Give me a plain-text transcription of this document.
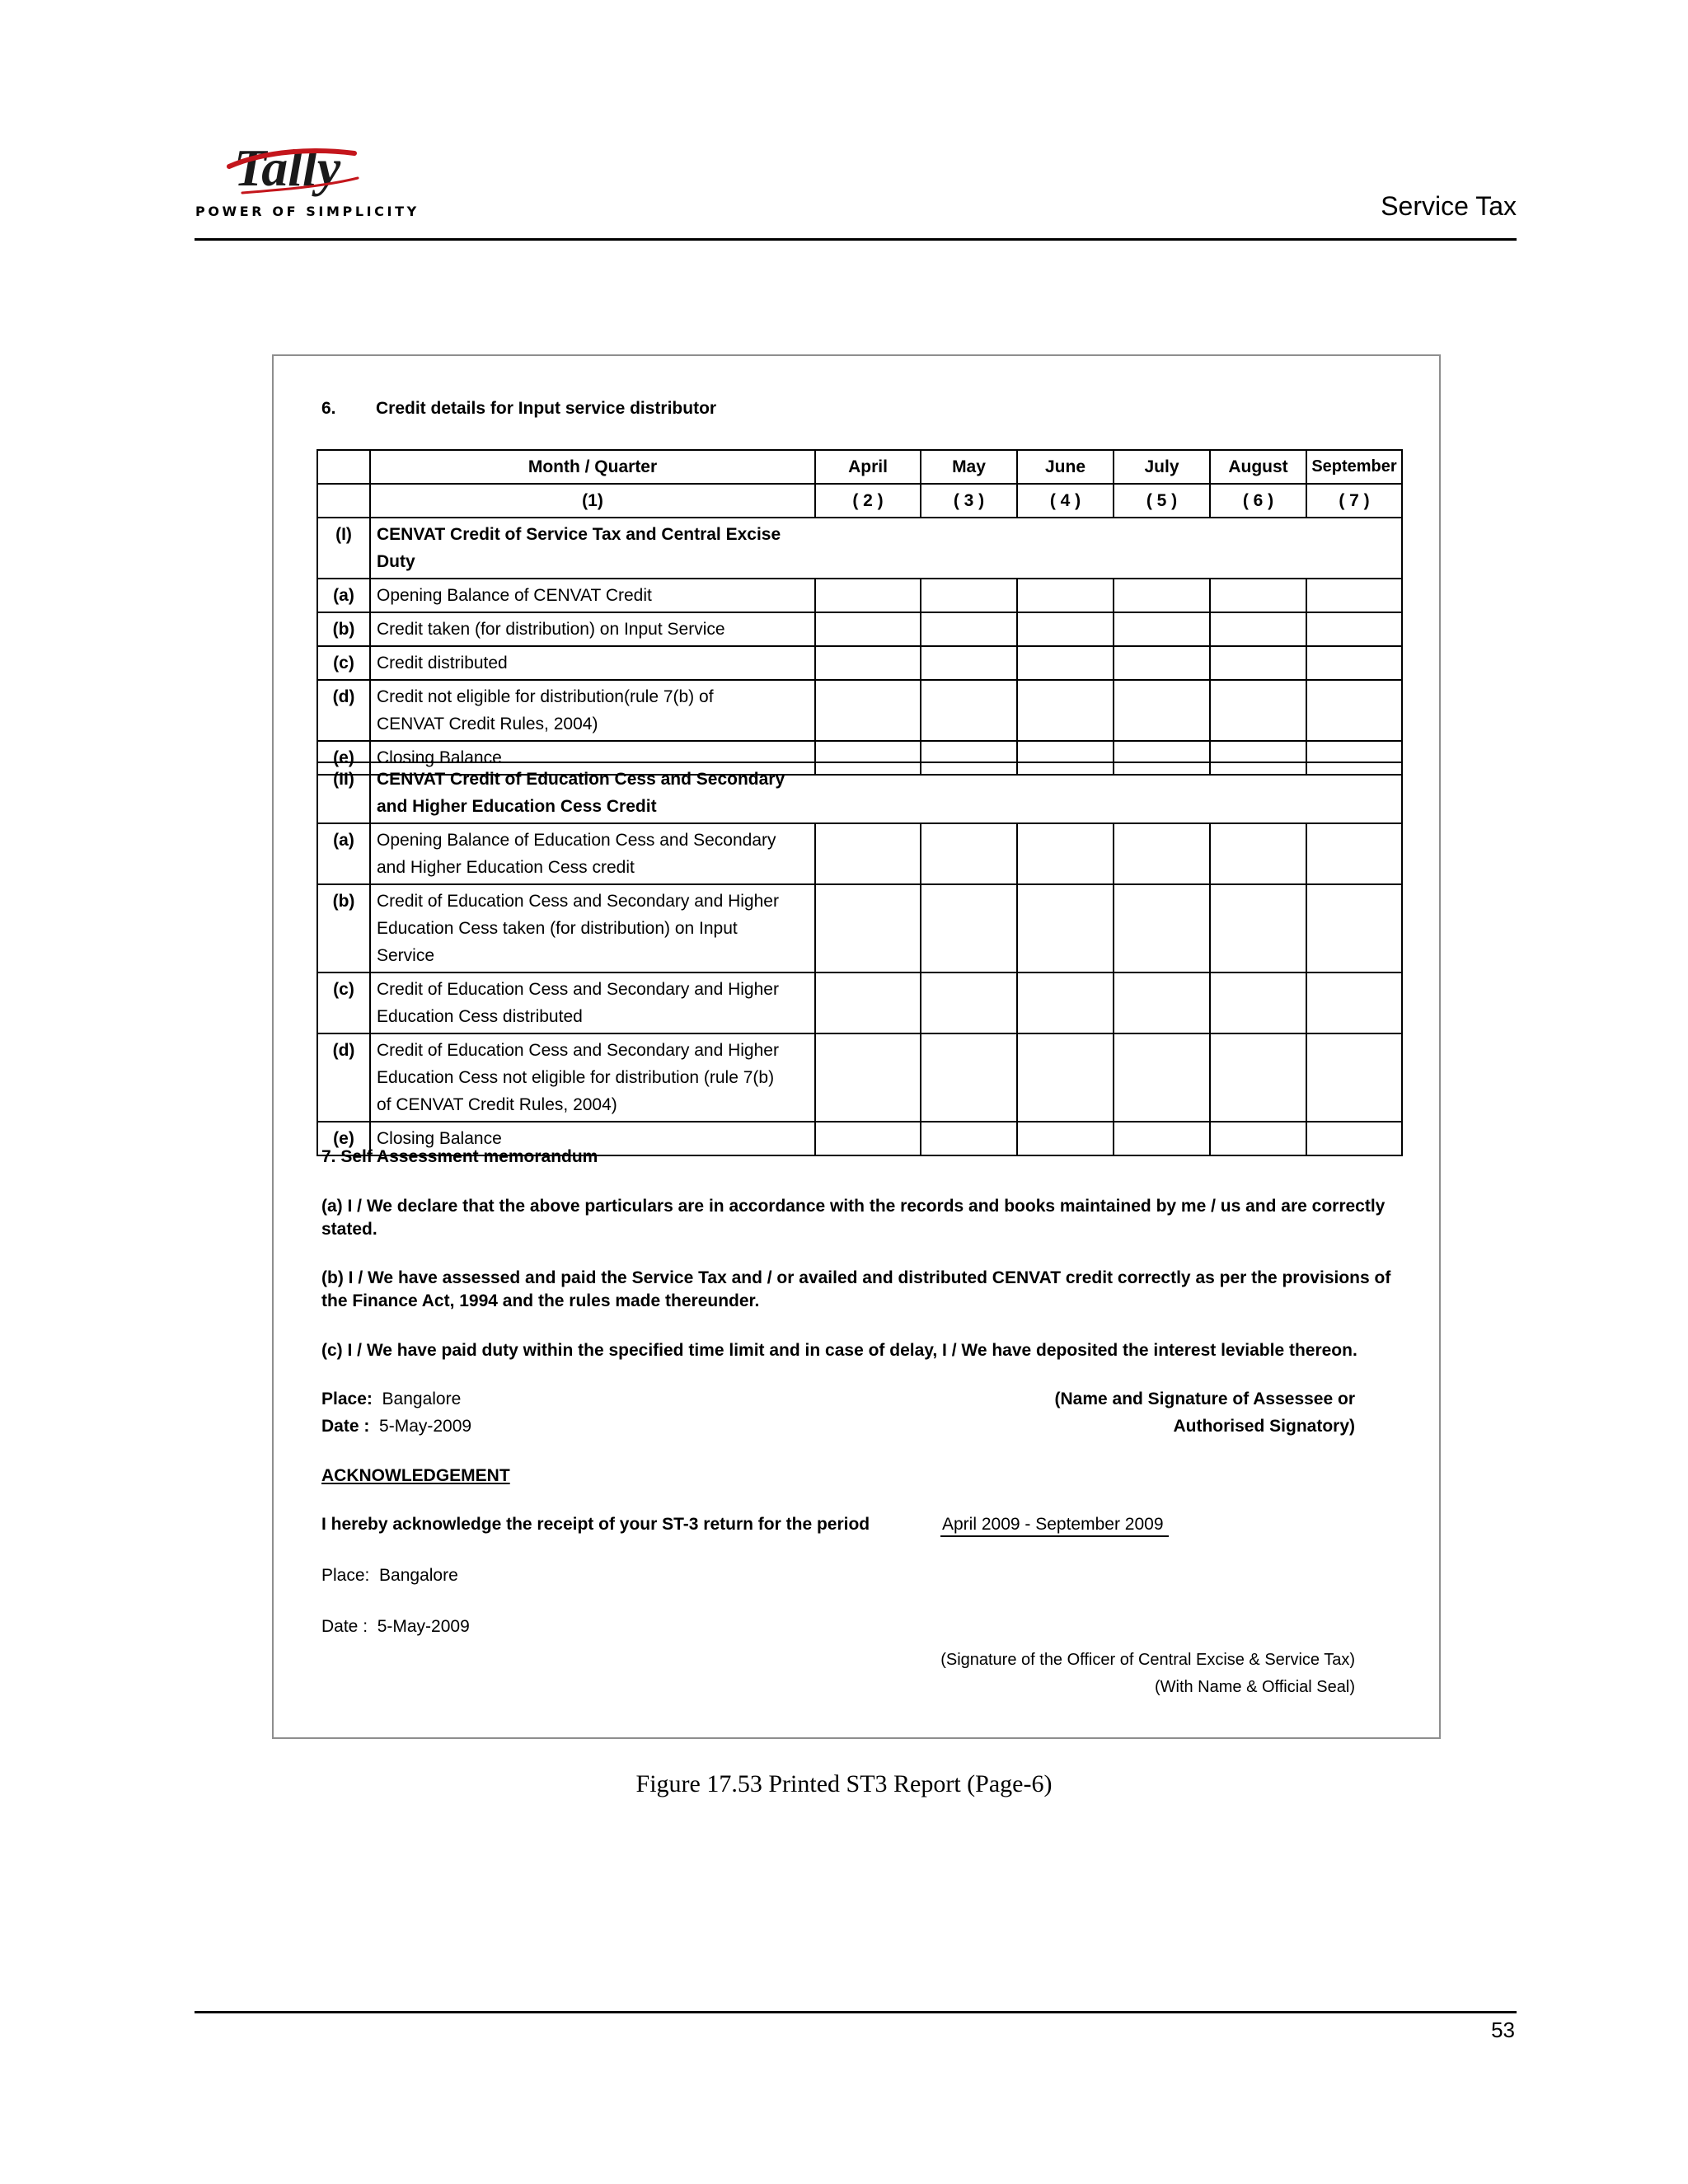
Tally
POWER OF SIMPLICITY	Service Tax
6. Credit details for Input service distributor
	Month / Quarter	April	May	June	July	August	September
	(1)	( 2 )	( 3 )	( 4 )	( 5 )	( 6 )	( 7 )
(I)	CENVAT Credit of Service Tax and Central Excise
Duty						

(a)	Opening Balance of CENVAT Credit						
(b)	Credit taken (for distribution) on Input Service						
(c)	Credit distributed						
(d)	Credit not eligible for distribution(rule 7(b) of
CENVAT Credit Rules, 2004)						

(e)	Closing Balance						
(II)	CENVAT Credit of Education Cess and Secondary
and Higher Education Cess Credit						

(a)	Opening Balance of Education Cess and Secondary
and Higher Education Cess credit						

(b)	Credit of Education Cess and Secondary and Higher
Education Cess taken (for distribution) on Input
Service						

(c)	Credit of Education Cess and Secondary and Higher
Education Cess distributed						

(d)	Credit of Education Cess and Secondary and Higher
Education Cess not eligible for distribution (rule 7(b)
of CENVAT Credit Rules, 2004)						

(e)	Closing Balance						
7. Self Assessment memorandum
(a) I / We declare that the above particulars are in accordance with the records and books maintained by me / us and are correctly stated.
(b) I / We have assessed and paid the Service Tax and / or availed and distributed CENVAT credit correctly as per the provisions of the Finance Act, 1994 and the rules made thereunder.
(c) I / We have paid duty within the specified time limit and in case of delay, I / We have deposited the interest leviable thereon.
Place: Bangalore
Date : 5-May-2009
(Name and Signature of Assessee or
Authorised Signatory)
ACKNOWLEDGEMENT
I hereby acknowledge the receipt of your ST-3 return for the period	April 2009 - September 2009
Place: Bangalore
Date : 5-May-2009
(Signature of the Officer of Central Excise & Service Tax)
(With Name & Official Seal)
Figure 17.53 Printed ST3 Report (Page-6)
53
